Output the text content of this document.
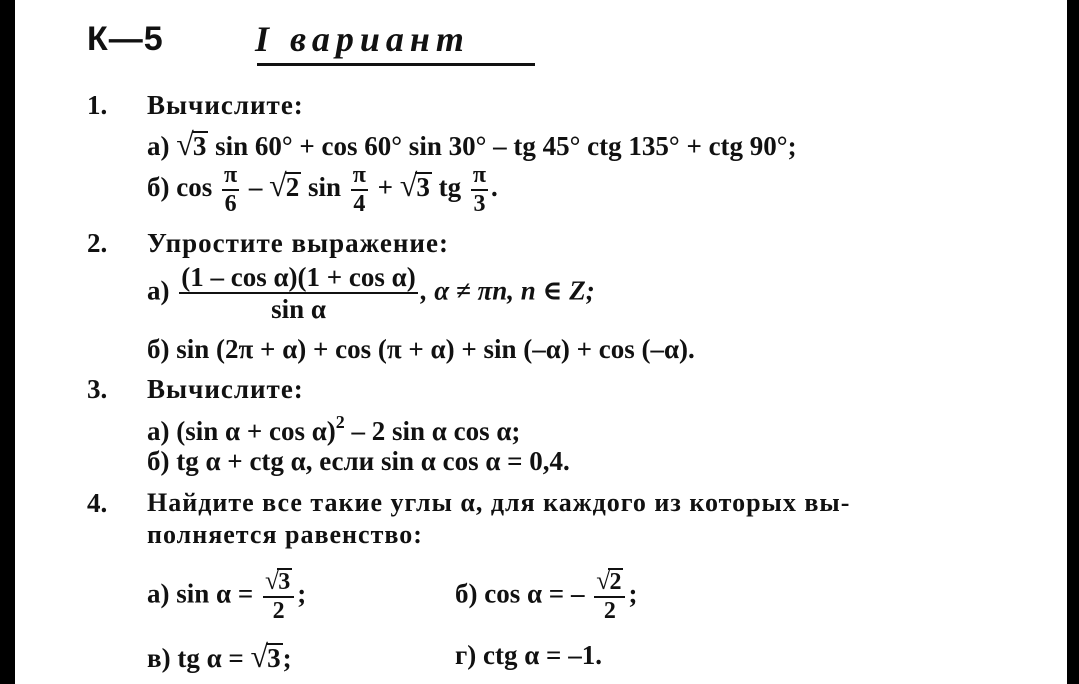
К—5	I вариант
1. Вычислите:
а) √3 sin 60° + cos 60° sin 30° – tg 45° ctg 135° + ctg 90°;
б) $\cos \frac{\pi}{6} - √2$ $\sin \frac{\pi}{4} + √3$ tg $\frac{\pi}{3}$ .
2. Упростите выражение:
$а) \frac{\text{(1 – cos α)(1 + cos α)}}{\text{sin α}}$ , α ≠ πn, n ∈ Z;
б) sin (2π + α) + cos (π + α) + sin (–α) + cos (–α).
3. Вычислите:
а) (sin α + cos α)$^2$ – 2 sin α cos α;
б) tg α + ctg α, если sin α cos α = 0,4.
4. Найдите все такие углы α, для каждого из которых вы-
полняется равенство:
а) $\sin \alpha = \frac{√3}{2}$ ;	б) cos α = – $\frac{√2}{2}$ ;
в) tg α = √3;	г) ctg α = –1.
